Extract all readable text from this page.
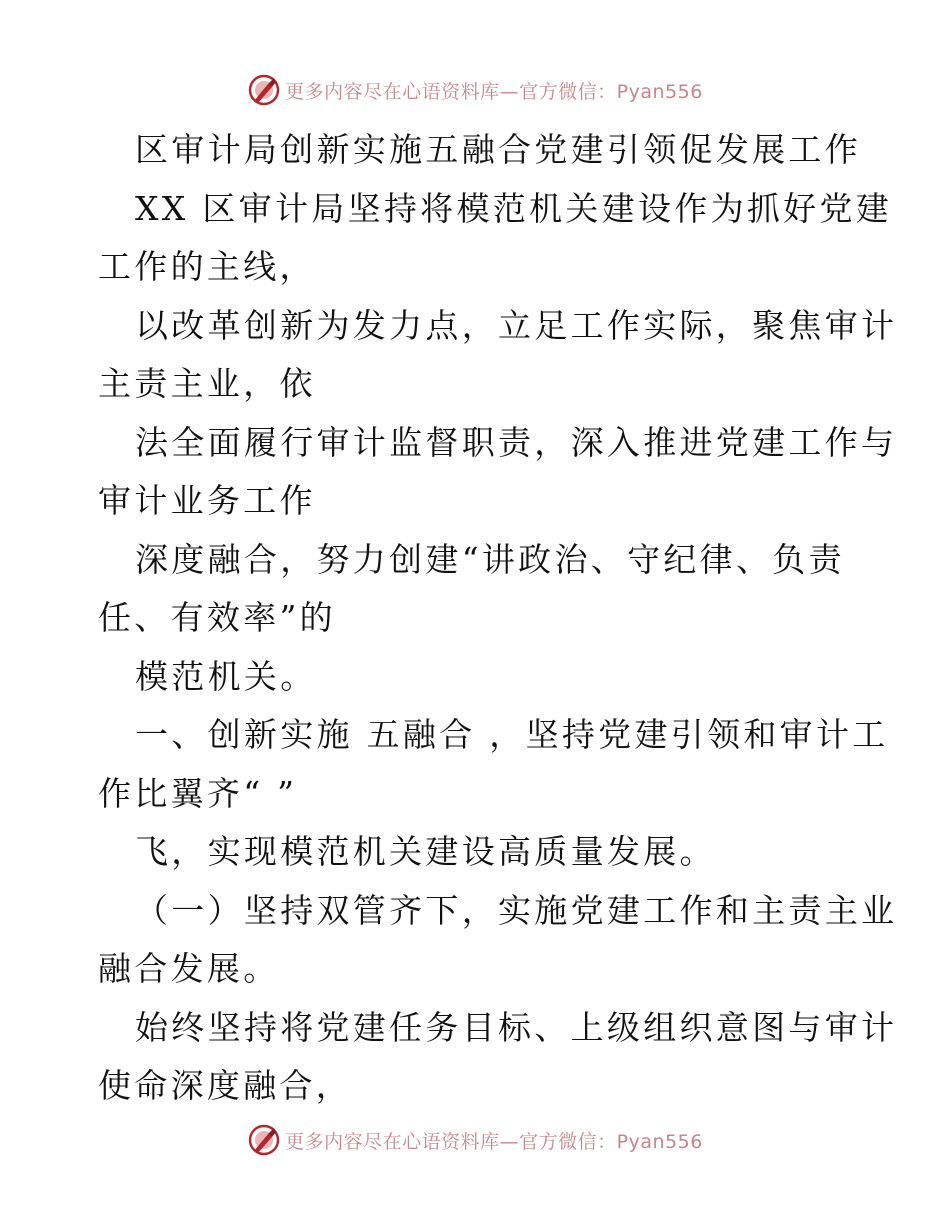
更多内容尽在心语资料库—官方微信：Pyan556

区审计局创新实施五融合党建引领促发展工作

XX 区审计局坚持将模范机关建设作为抓好党建

工作的主线，

以改革创新为发力点，立足工作实际，聚焦审计

主责主业，依

法全面履行审计监督职责，深入推进党建工作与

审计业务工作

深度融合，努力创建“讲政治、守纪律、负责

任、有效率”的

模范机关。

一、创新实施 五融合 ，坚持党建引领和审计工

作比翼齐“ ”

飞，实现模范机关建设高质量发展。

（一）坚持双管齐下，实施党建工作和主责主业

融合发展。

始终坚持将党建任务目标、上级组织意图与审计

使命深度融合，

更多内容尽在心语资料库—官方微信：Pyan556
